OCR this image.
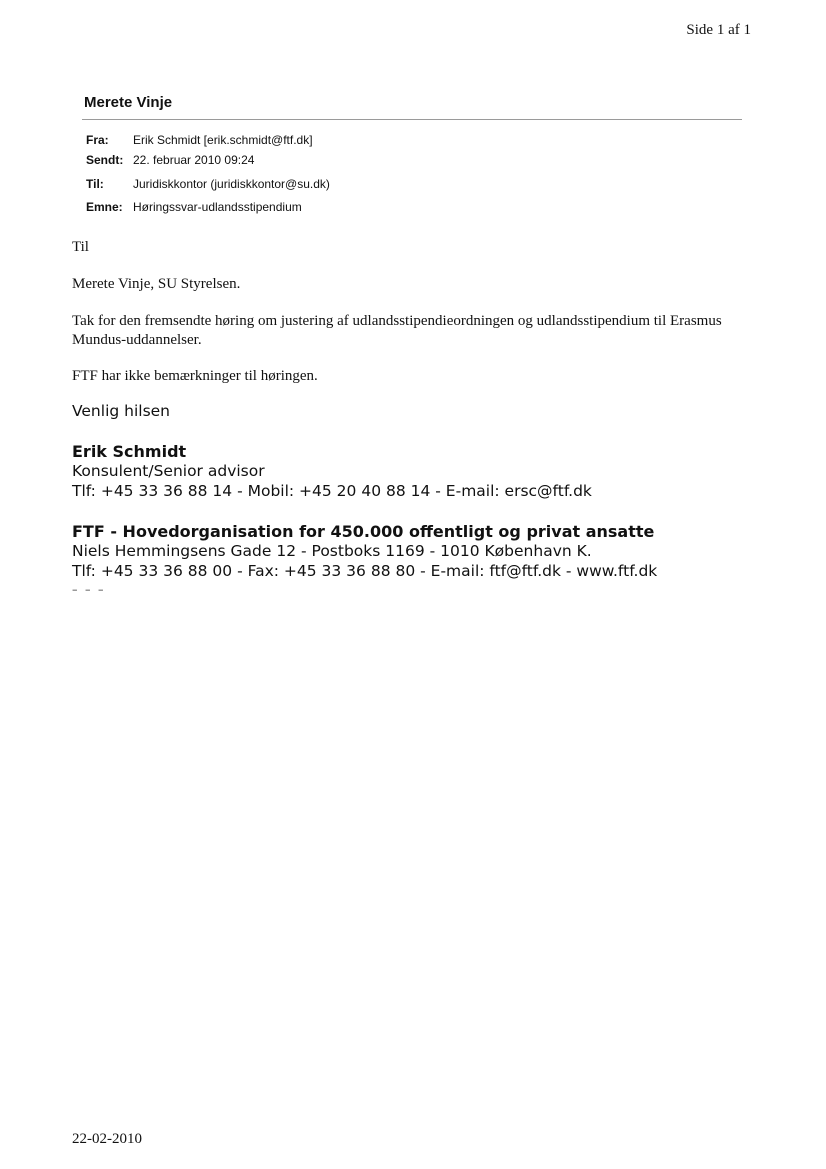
Side 1 af 1
Merete Vinje
Fra: Erik Schmidt [erik.schmidt@ftf.dk]
Sendt: 22. februar 2010 09:24
Til: Juridiskkontor (juridiskkontor@su.dk)
Emne: Høringssvar-udlandsstipendium
Til
Merete Vinje, SU Styrelsen.
Tak for den fremsendte høring om justering af udlandsstipendieordningen og udlandsstipendium til Erasmus Mundus-uddannelser.
FTF har ikke bemærkninger til høringen.
Venlig hilsen
Erik Schmidt
Konsulent/Senior advisor
Tlf: +45 33 36 88 14 - Mobil: +45 20 40 88 14 - E-mail: ersc@ftf.dk
FTF - Hovedorganisation for 450.000 offentligt og privat ansatte
Niels Hemmingsens Gade 12 - Postboks 1169 - 1010 København K.
Tlf: +45 33 36 88 00 - Fax: +45 33 36 88 80 - E-mail: ftf@ftf.dk - www.ftf.dk
– – –
22-02-2010
